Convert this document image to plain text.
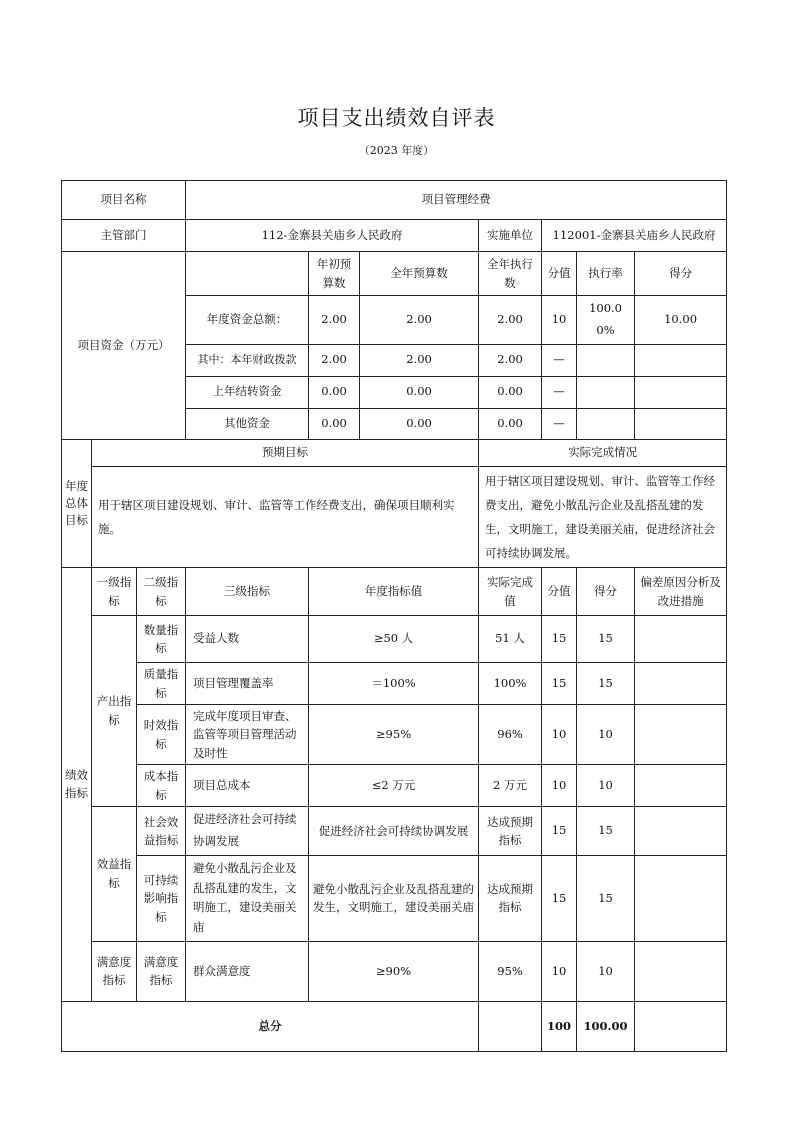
项目支出绩效自评表
（2023 年度）
项目名称			项目管理经费						
主管部门			112-金寨县关庙乡人民政府			实施单位	112001-金寨县关庙乡人民政府		
项目资金（万元）				年初预算数	全年预算数	全年执行数	分值	执行率	得分
			年度资金总额：	2.00	2.00	2.00	10	100.00%	10.00
			其中：本年财政拨款	2.00	2.00	2.00	—		
			上年结转资金	0.00	0.00	0.00	—		
			其他资金	0.00	0.00	0.00	—		
年度总体目标	预期目标					实际完成情况			
	用于辖区项目建设规划、审计、监管等工作经费支出，确保项目顺利实施。					用于辖区项目建设规划、审计、监管等工作经费支出，避免小散乱污企业及乱搭乱建的发生，文明施工，建设美丽关庙，促进经济社会可持续协调发展。			
绩效指标	一级指标	二级指标	三级指标	年度指标值		实际完成值	分值	得分	偏差原因分析及改进措施
	产出指标	数量指标	受益人数	≥50 人		51 人	15	15	
		质量指标	项目管理覆盖率	＝100%		100%	15	15	
		时效指标	完成年度项目审查、监管等项目管理活动及时性	≥95%		96%	10	10	
		成本指标	项目总成本	≤2 万元		2 万元	10	10	
	效益指标	社会效益指标	促进经济社会可持续协调发展	促进经济社会可持续协调发展		达成预期指标	15	15	
		可持续影响指标	避免小散乱污企业及乱搭乱建的发生，文明施工，建设美丽关庙	避免小散乱污企业及乱搭乱建的发生，文明施工，建设美丽关庙		达成预期指标	15	15	
	满意度指标	满意度指标	群众满意度	≥90%		95%	10	10	
总分							100	100.00	
